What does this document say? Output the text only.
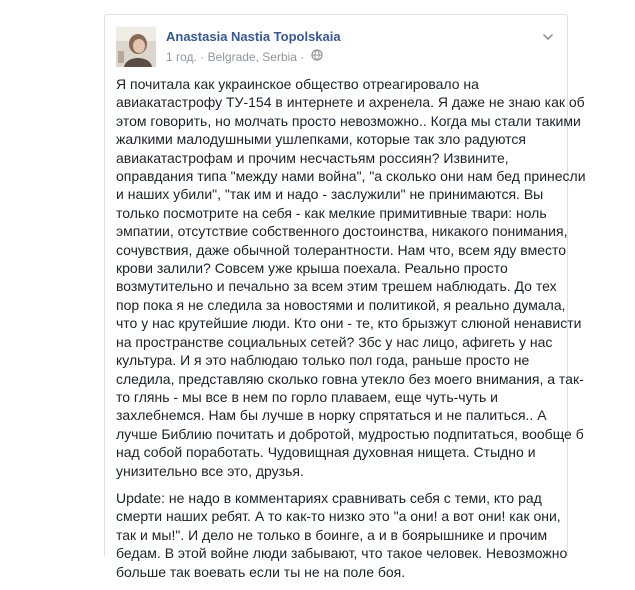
Anastasia Nastia Topolskaia
1 год. · Belgrade, Serbia ·

Я почитала как украинское общество отреагировало на
авиакатастрофу ТУ-154 в интернете и ахренела. Я даже не знаю как об
этом говорить, но молчать просто невозможно.. Когда мы стали такими
жалкими малодушными ушлепками, которые так зло радуются
авиакатастрофам и прочим несчастьям россиян? Извините,
оправдания типа "между нами война", "а сколько они нам бед принесли
и наших убили", "так им и надо - заслужили" не принимаются. Вы
только посмотрите на себя - как мелкие примитивные твари: ноль
эмпатии, отсутствие собственного достоинства, никакого понимания,
сочувствия, даже обычной толерантности. Нам что, всем яду вместо
крови залили? Совсем уже крыша поехала. Реально просто
возмутительно и печально за всем этим трешем наблюдать. До тех
пор пока я не следила за новостями и политикой, я реально думала,
что у нас крутейшие люди. Кто они - те, кто брызжут слюной ненависти
на пространстве социальных сетей? Збс у нас лицо, афигеть у нас
культура. И я это наблюдаю только пол года, раньше просто не
следила, представляю сколько говна утекло без моего внимания, а так-
то глянь - мы все в нем по горло плаваем, еще чуть-чуть и
захлебнемся. Нам бы лучше в норку спрятаться и не палиться.. А
лучше Библию почитать и добротой, мудростью подпитаться, вообще б
над собой поработать. Чудовищная духовная нищета. Стыдно и
унизительно все это, друзья.

Update: не надо в комментариях сравнивать себя с теми, кто рад
смерти наших ребят. А то как-то низко это "а они! а вот они! как они,
так и мы!". И дело не только в боинге, а и в боярышнике и прочим
бедам. В этой войне люди забывают, что такое человек. Невозможно
больше так воевать если ты не на поле боя.
